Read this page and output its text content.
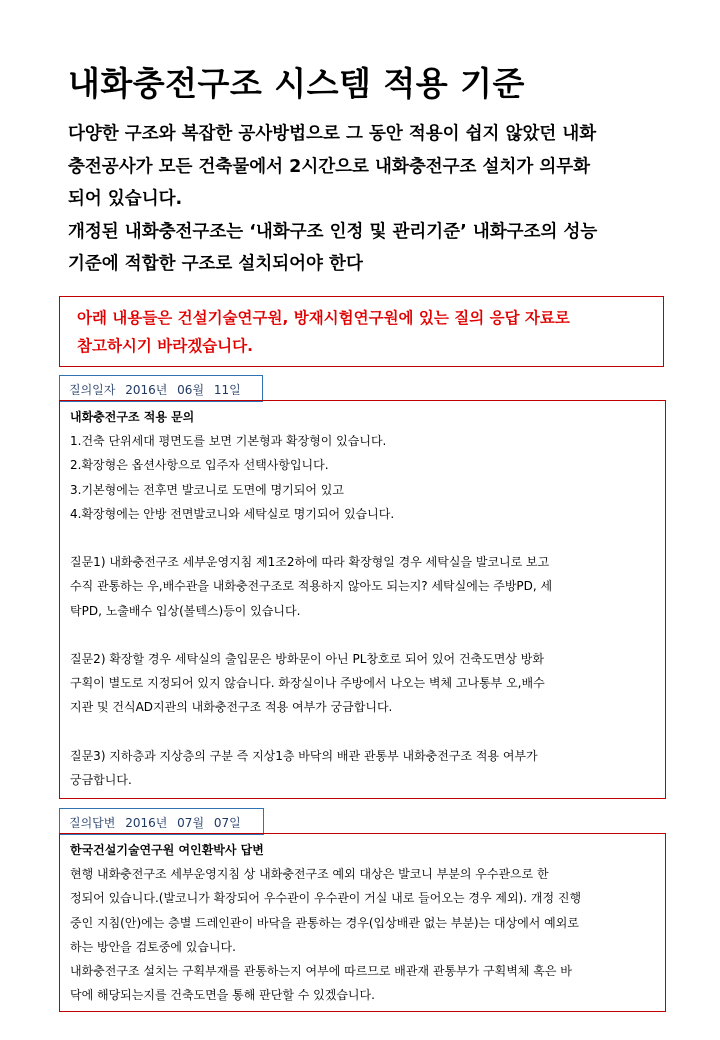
내화충전구조 시스템 적용 기준

다양한 구조와 복잡한 공사방법으로 그 동안 적용이 쉽지 않았던 내화

충전공사가 모든 건축물에서 2시간으로 내화충전구조 설치가 의무화

되어 있습니다.

개정된 내화충전구조는 ‘내화구조 인정 및 관리기준’ 내화구조의 성능

기준에 적합한 구조로 설치되어야 한다

아래 내용들은 건설기술연구원, 방재시험연구원에 있는 질의 응답 자료로

참고하시기 바라겠습니다.

질의일자 2016년 06월 11일

내화충전구조 적용 문의

1.건축 단위세대 평면도를 보면 기본형과 확장형이 있습니다.

2.확장형은 옵션사항으로 입주자 선택사항입니다.

3.기본형에는 전후면 발코니로 도면에 명기되어 있고

4.확장형에는 안방 전면발코니와 세탁실로 명기되어 있습니다.

질문1) 내화충전구조 세부운영지침 제1조2하에 따라 확장형일 경우 세탁실을 발코니로 보고

수직 관통하는 우,배수관을 내화충전구조로 적용하지 않아도 되는지? 세탁실에는 주방PD, 세

탁PD, 노출배수 입상(볼텍스)등이 있습니다.

질문2) 확장할 경우 세탁실의 출입문은 방화문이 아닌 PL창호로 되어 있어 건축도면상 방화

구획이 별도로 지정되어 있지 않습니다. 화장실이나 주방에서 나오는 벽체 고나통부 오,배수

지관 및 건식AD지관의 내화충전구조 적용 여부가 궁금합니다.

질문3) 지하층과 지상층의 구분 즉 지상1층 바닥의 배관 관통부 내화충전구조 적용 여부가

궁금합니다.

질의답변 2016년 07월 07일

한국건설기술연구원 여인환박사 답변

현행 내화충전구조 세부운영지침 상 내화충전구조 예외 대상은 발코니 부분의 우수관으로 한

정되어 있습니다.(발코니가 확장되어 우수관이 우수관이 거실 내로 들어오는 경우 제외). 개정 진행

중인 지침(안)에는 층별 드레인관이 바닥을 관통하는 경우(입상배관 없는 부분)는 대상에서 예외로

하는 방안을 검토중에 있습니다.

내화충전구조 설치는 구획부재를 관통하는지 여부에 따르므로 배관재 관통부가 구획벽체 혹은 바

닥에 해당되는지를 건축도면을 통해 판단할 수 있겠습니다.
